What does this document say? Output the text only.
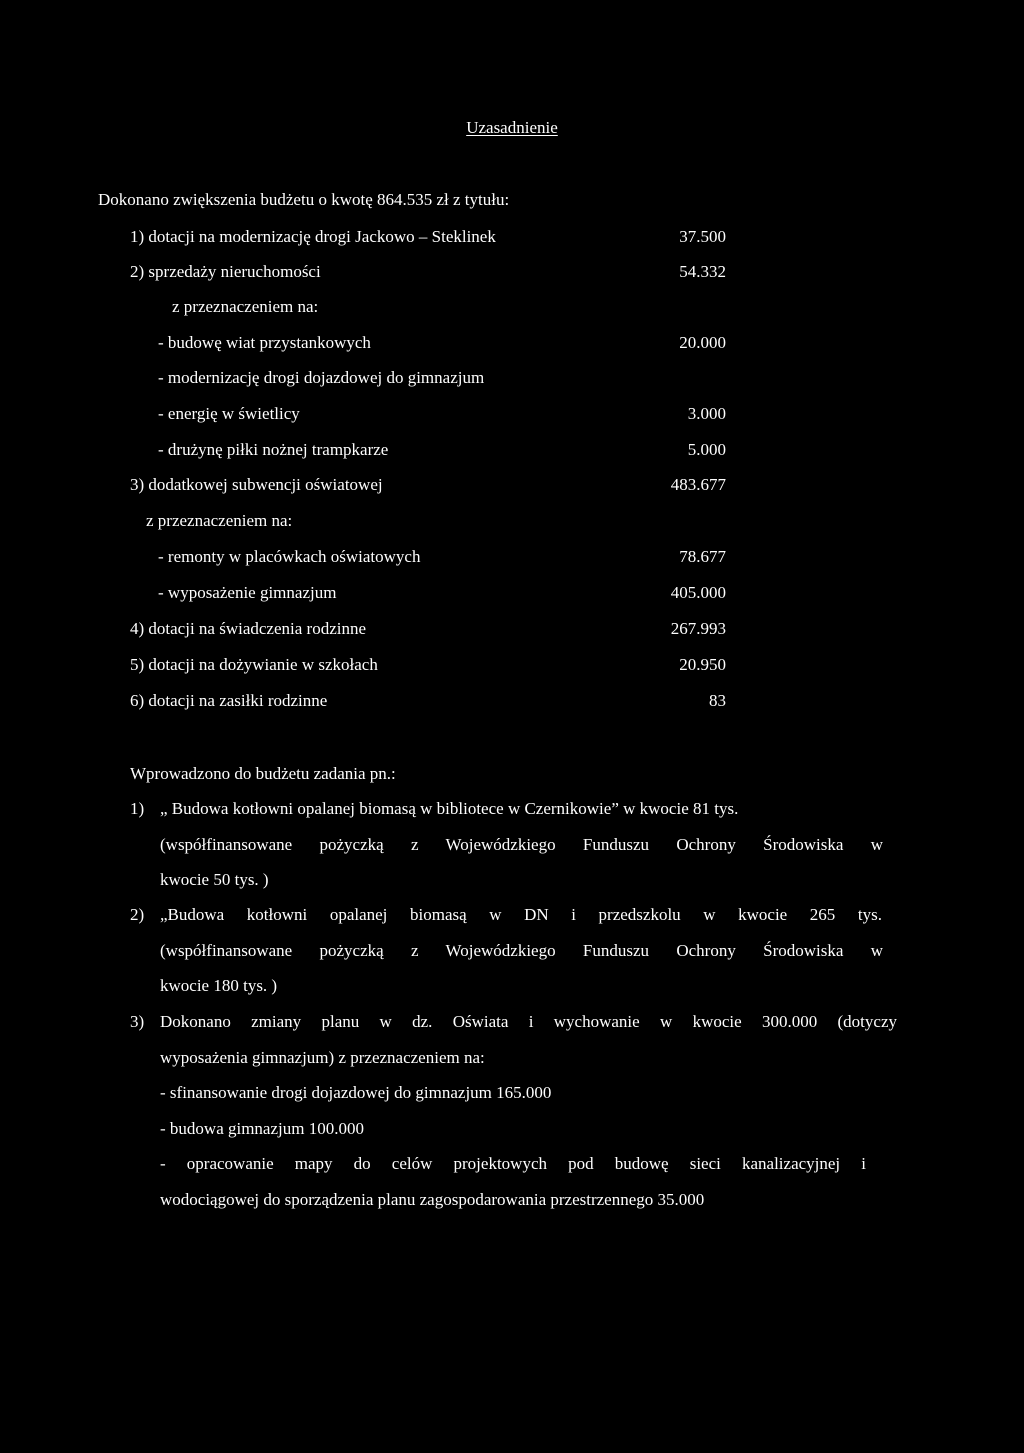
Uzasadnienie
Dokonano zwiększenia budżetu o kwotę 864.535 zł z tytułu:
1) dotacji na modernizację drogi Jackowo – Steklinek	37.500
2) sprzedaży nieruchomości	54.332
z przeznaczeniem na:
- budowę wiat przystankowych	20.000
- modernizację drogi dojazdowej do gimnazjum
- energię w świetlicy	3.000
- drużynę piłki nożnej trampkarze	5.000
3) dodatkowej subwencji oświatowej	483.677
z przeznaczeniem na:
- remonty w placówkach oświatowych	78.677
- wyposażenie gimnazjum	405.000
4) dotacji na świadczenia rodzinne	267.993
5) dotacji na dożywianie w szkołach	20.950
6) dotacji na zasiłki rodzinne	83
Wprowadzono do budżetu zadania pn.:
1) „ Budowa kotłowni opalanej biomasą w bibliotece w Czernikowie” w kwocie 81 tys.
(współfinansowane pożyczką z Wojewódzkiego Funduszu Ochrony Środowiska w
kwocie 50 tys. )
2) „Budowa kotłowni opalanej biomasą w DN i przedszkolu w kwocie 265 tys.
(współfinansowane pożyczką z Wojewódzkiego Funduszu Ochrony Środowiska w
kwocie 180 tys. )
3) Dokonano zmiany planu w dz. Oświata i wychowanie w kwocie 300.000 (dotyczy
wyposażenia gimnazjum) z przeznaczeniem na:
- sfinansowanie drogi dojazdowej do gimnazjum 165.000
- budowa gimnazjum 100.000
- opracowanie mapy do celów projektowych pod budowę sieci kanalizacyjnej i
wodociągowej do sporządzenia planu zagospodarowania przestrzennego 35.000
